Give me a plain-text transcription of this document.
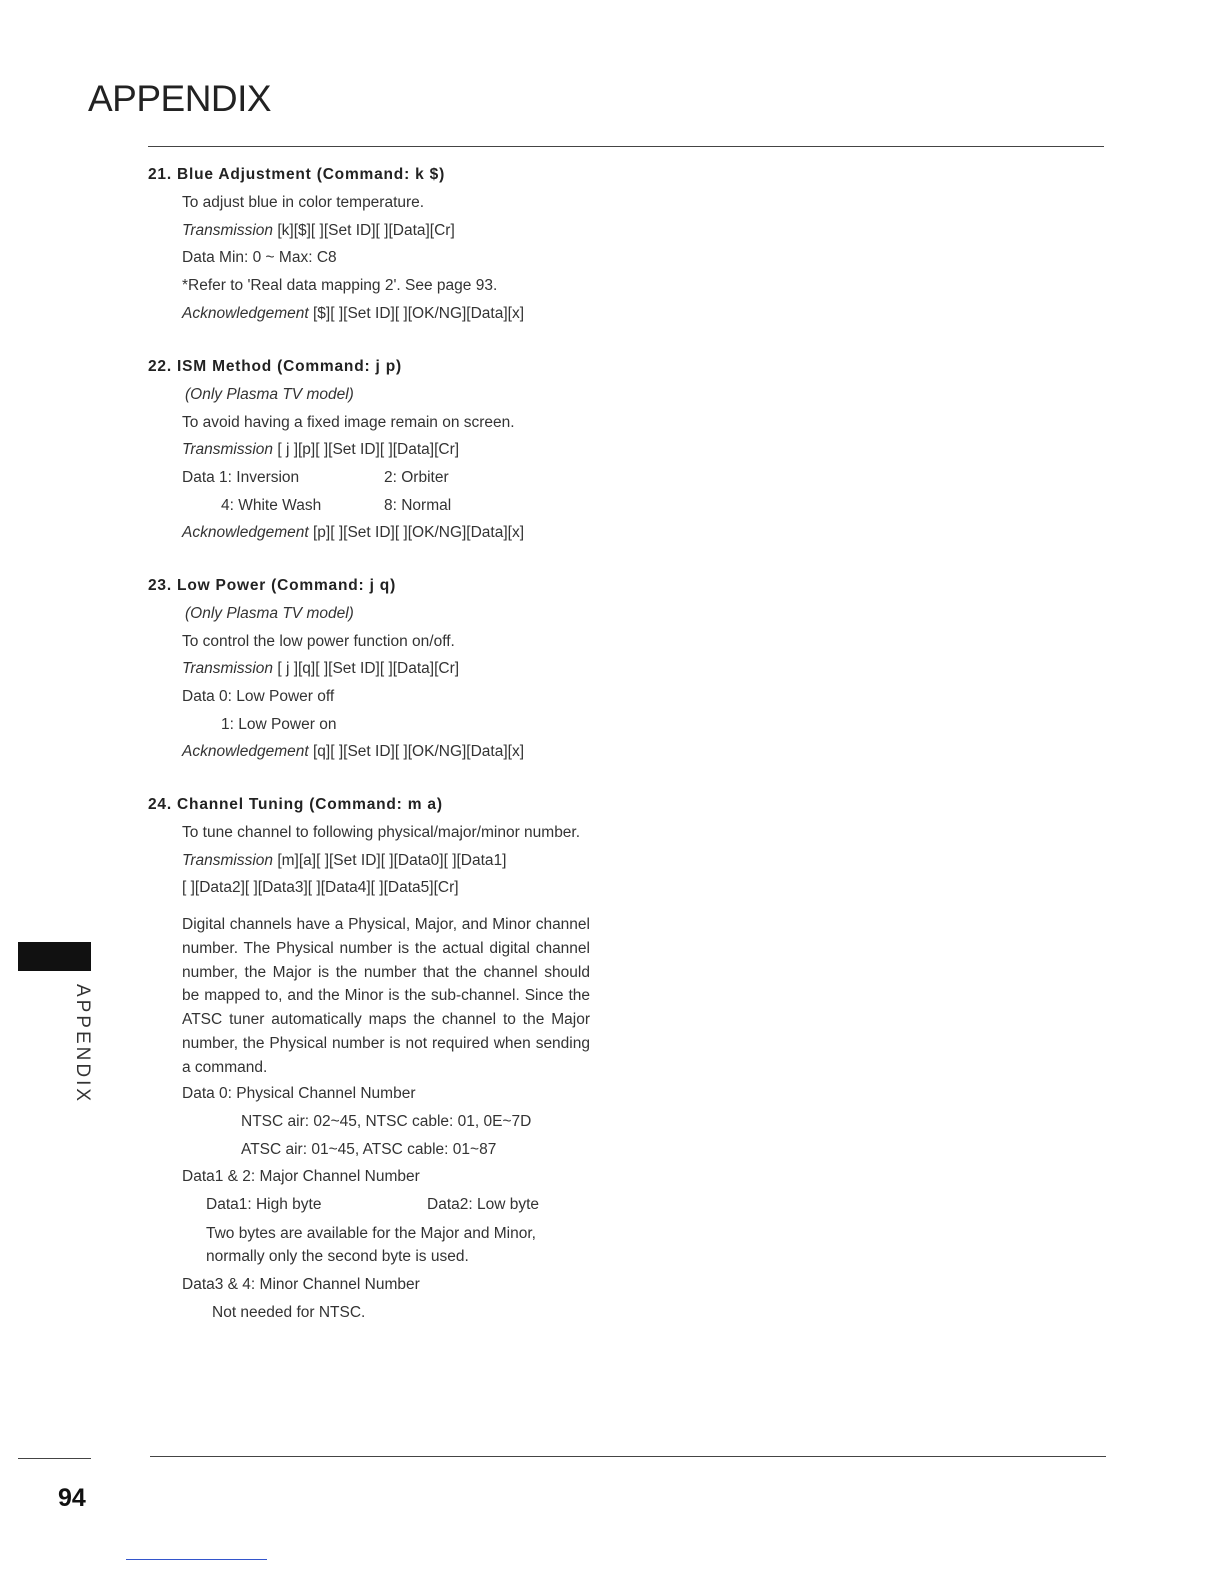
APPENDIX
21. Blue Adjustment (Command: k $)
To adjust blue in color temperature.
Transmission [k][$][ ][Set ID][ ][Data][Cr]
Data Min: 0 ~ Max: C8
*Refer to 'Real data mapping 2'. See page 93.
Acknowledgement [$][ ][Set ID][ ][OK/NG][Data][x]
22. ISM Method (Command: j p)
(Only Plasma TV model)
To avoid having a fixed image remain on screen.
Transmission [ j ][p][ ][Set ID][ ][Data][Cr]
Data 1: Inversion	2: Orbiter
4: White Wash	8: Normal
Acknowledgement [p][ ][Set ID][ ][OK/NG][Data][x]
23. Low Power (Command: j q)
(Only Plasma TV model)
To control the low power function on/off.
Transmission [ j ][q][ ][Set ID][ ][Data][Cr]
Data 0: Low Power off
1: Low Power on
Acknowledgement [q][ ][Set ID][ ][OK/NG][Data][x]
24. Channel Tuning (Command: m a)
To tune channel to following physical/major/minor number.
Transmission [m][a][ ][Set ID][ ][Data0][ ][Data1]
[ ][Data2][ ][Data3][ ][Data4][ ][Data5][Cr]
Digital channels have a Physical, Major, and Minor channel number. The Physical number is the actual digital channel number, the Major is the number that the channel should be mapped to, and the Minor is the sub-channel. Since the ATSC tuner automatically maps the channel to the Major number, the Physical number is not required when sending a command.
Data 0: Physical Channel Number
NTSC air: 02~45, NTSC cable: 01, 0E~7D
ATSC air: 01~45, ATSC cable: 01~87
Data1 & 2: Major Channel Number
Data1: High byte	Data2: Low byte
Two bytes are available for the Major and Minor, normally only the second byte is used.
Data3 & 4: Minor Channel Number
Not needed for NTSC.
APPENDIX
94
